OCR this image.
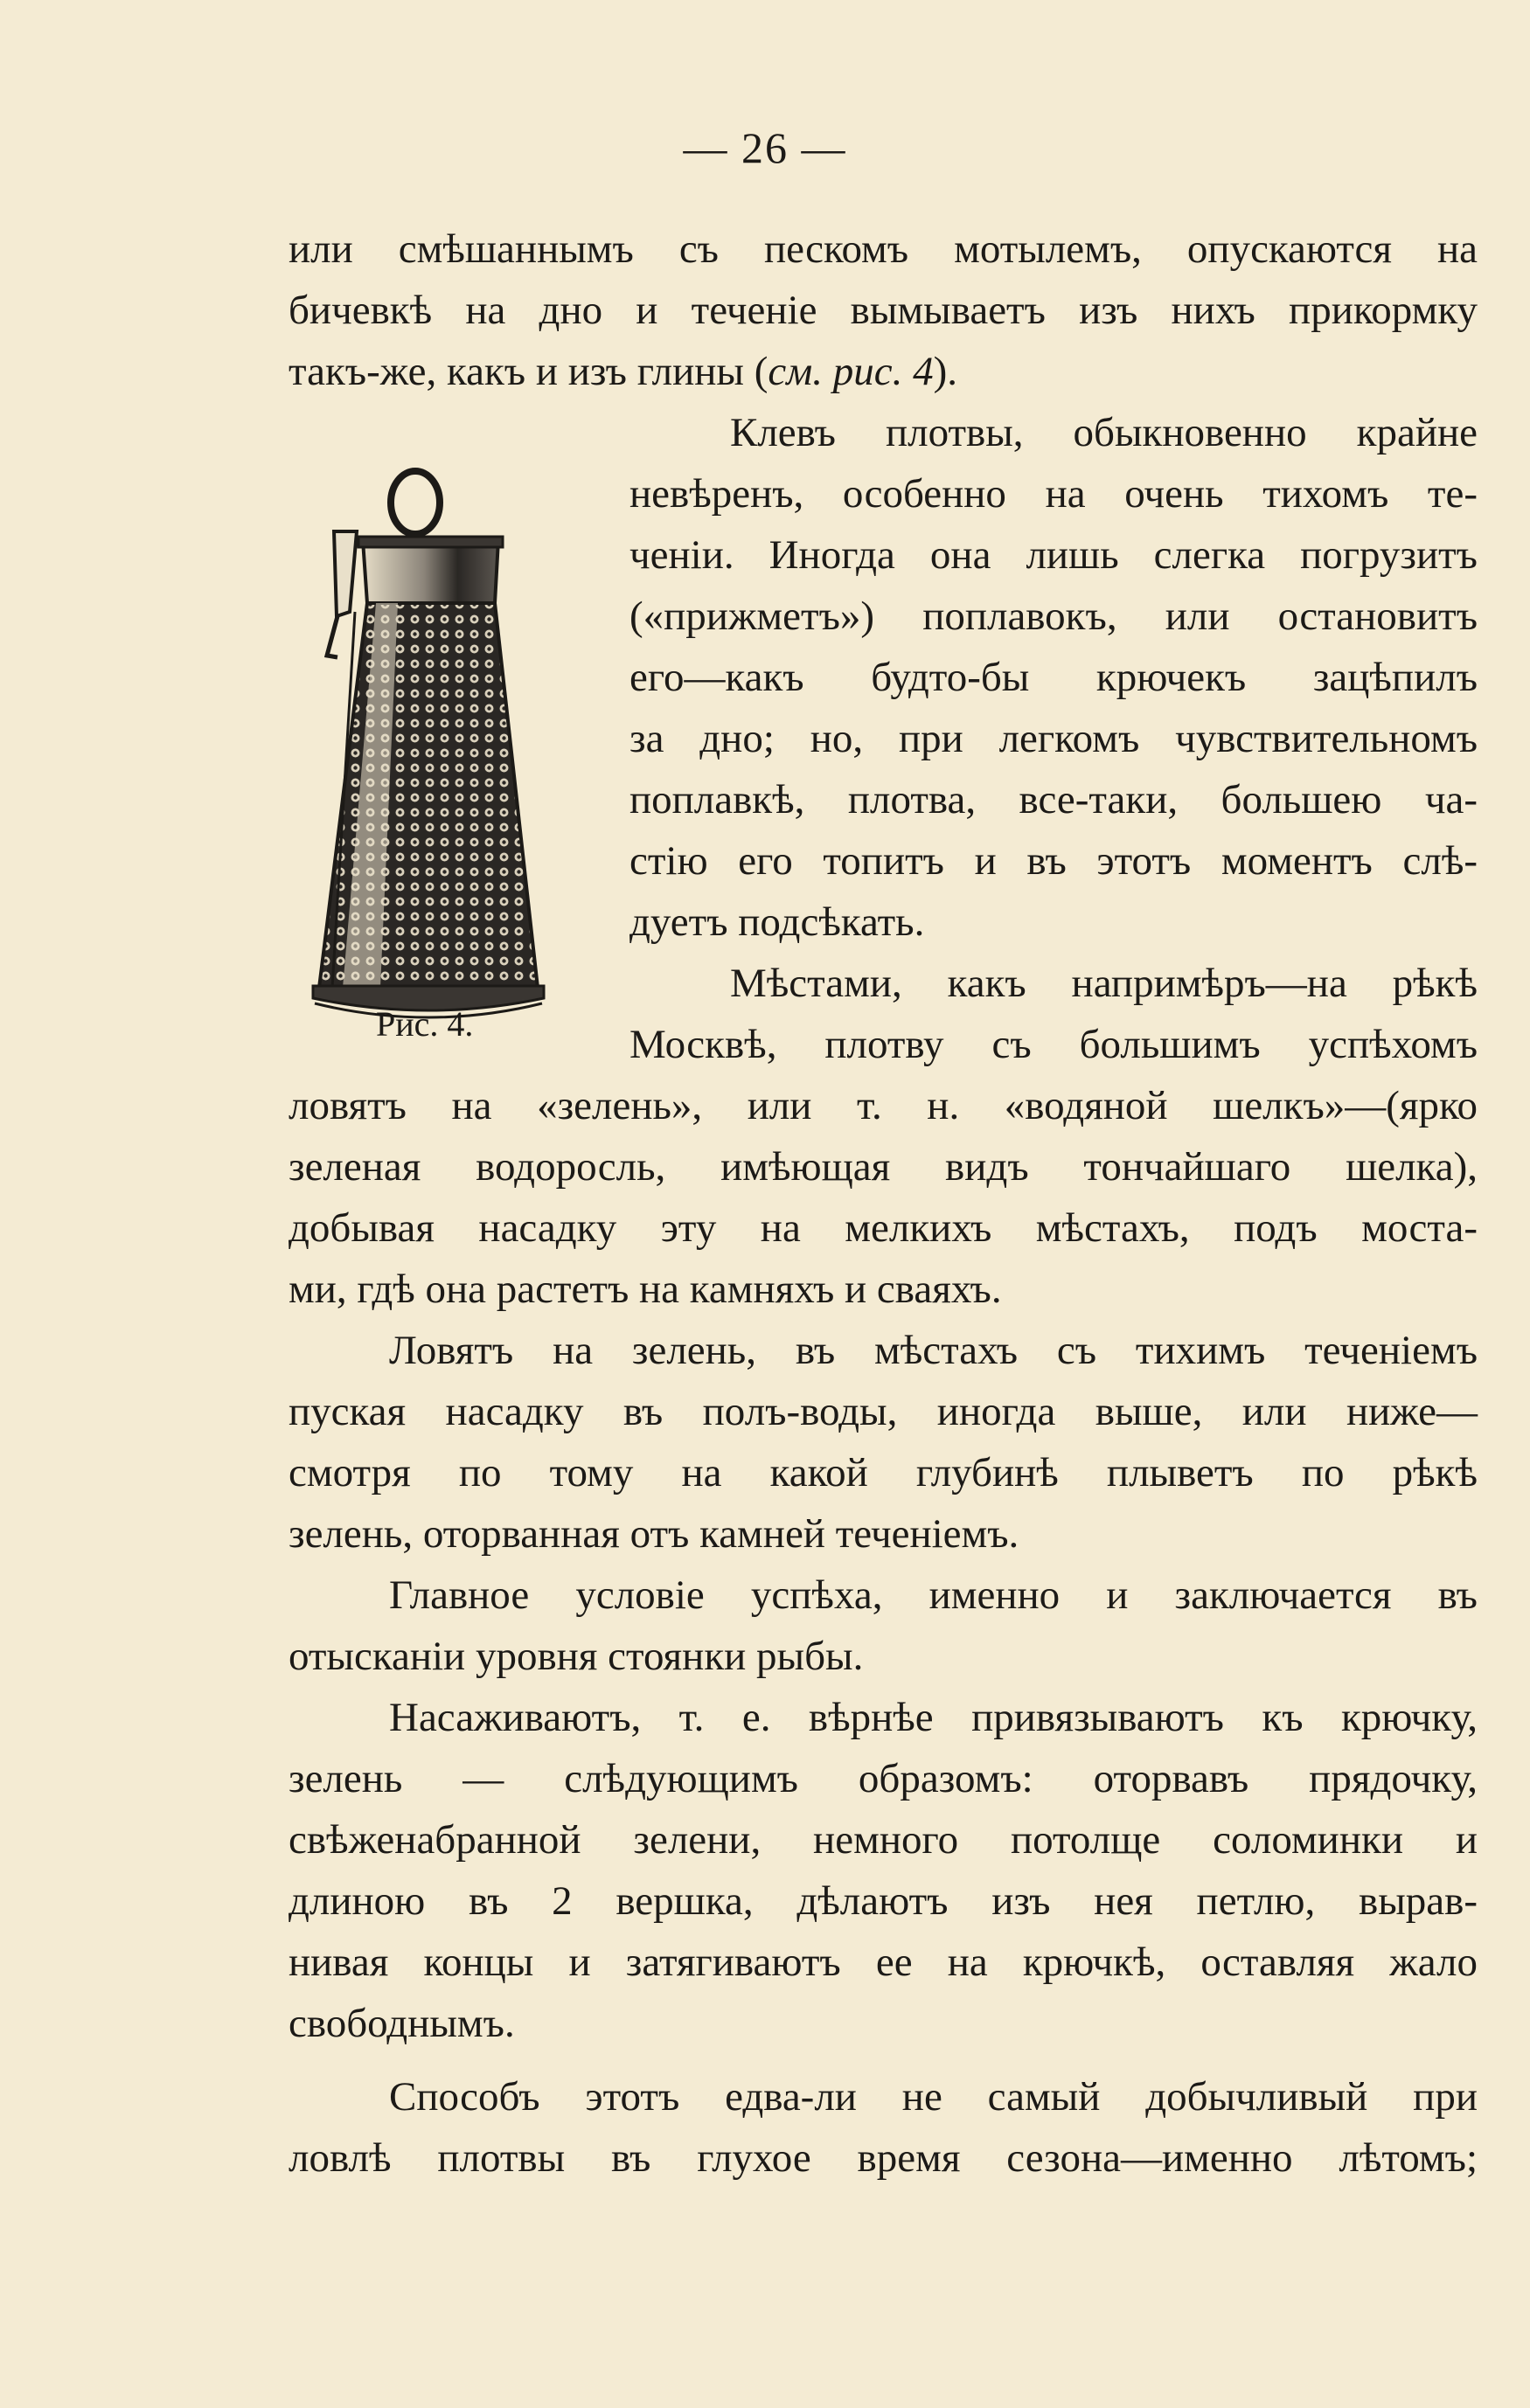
— 26 —
Рис. 4.
или смѣшаннымъ съ пескомъ мотылемъ, опускаются на
бичевкѣ на дно и теченіе вымываетъ изъ нихъ прикормку
такъ-же, какъ и изъ глины (см. рис. 4).
Клевъ плотвы, обыкновенно крайне
невѣренъ, особенно на очень тихомъ те-
ченіи. Иногда она лишь слегка погрузитъ
(«прижметъ») поплавокъ, или остановитъ
его—какъ будто-бы крючекъ зацѣпилъ
за дно; но, при легкомъ чувствительномъ
поплавкѣ, плотва, все-таки, большею ча-
стію его топитъ и въ этотъ моментъ слѣ-
дуетъ подсѣкать.
Мѣстами, какъ напримѣръ—на рѣкѣ
Москвѣ, плотву съ большимъ успѣхомъ
ловятъ на «зелень», или т. н. «водяной шелкъ»—(ярко
зеленая водоросль, имѣющая видъ тончайшаго шелка),
добывая насадку эту на мелкихъ мѣстахъ, подъ моста-
ми, гдѣ она растетъ на камняхъ и сваяхъ.
Ловятъ на зелень, въ мѣстахъ съ тихимъ теченіемъ
пуская насадку въ полъ-воды, иногда выше, или ниже—
смотря по тому на какой глубинѣ плыветъ по рѣкѣ
зелень, оторванная отъ камней теченіемъ.
Главное условіе успѣха, именно и заключается въ
отысканіи уровня стоянки рыбы.
Насаживаютъ, т. е. вѣрнѣе привязываютъ къ крючку,
зелень — слѣдующимъ образомъ: оторвавъ прядочку,
свѣженабранной зелени, немного потолще соломинки и
длиною въ 2 вершка, дѣлаютъ изъ нея петлю, вырав-
нивая концы и затягиваютъ ее на крючкѣ, оставляя жало
свободнымъ.
Способъ этотъ едва-ли не самый добычливый при
ловлѣ плотвы въ глухое время сезона—именно лѣтомъ;
